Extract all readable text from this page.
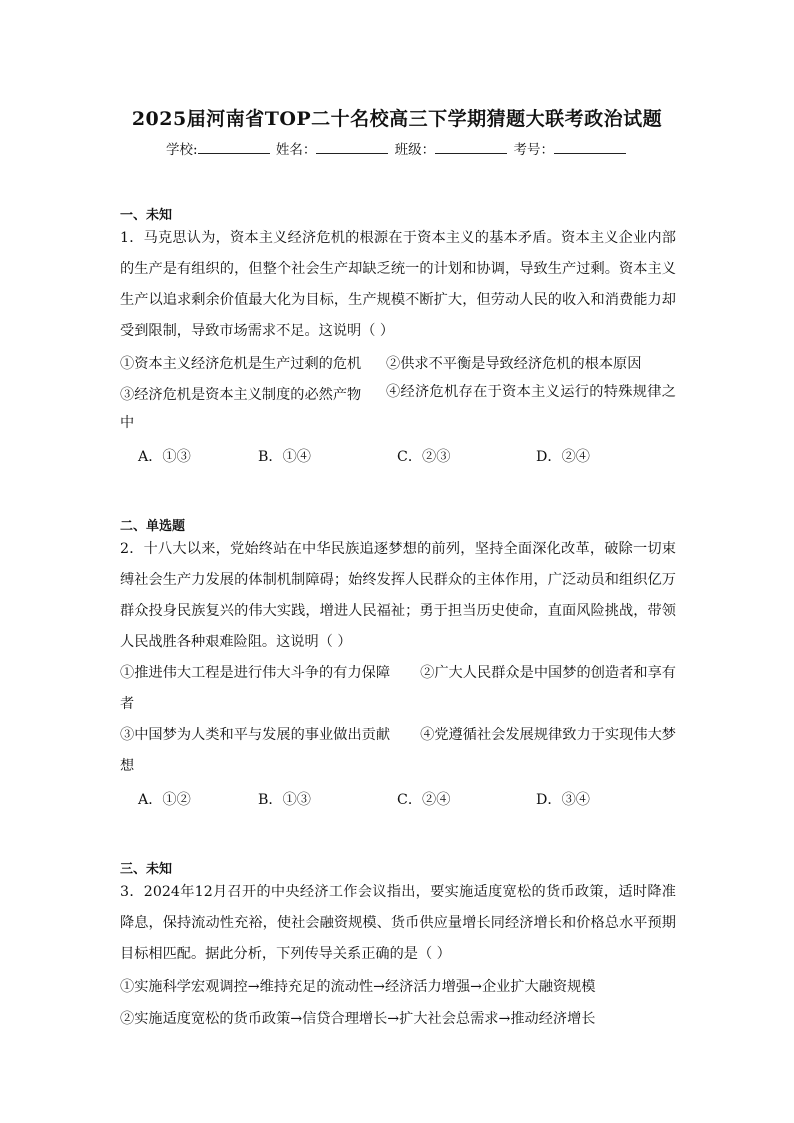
2025届河南省TOP二十名校高三下学期猜题大联考政治试题
学校:	姓名：	班级：	考号：
一、未知
1．马克思认为，资本主义经济危机的根源在于资本主义的基本矛盾。资本主义企业内部的生产是有组织的，但整个社会生产却缺乏统一的计划和协调，导致生产过剩。资本主义生产以追求剩余价值最大化为目标，生产规模不断扩大，但劳动人民的收入和消费能力却受到限制，导致市场需求不足。这说明（ ）
①资本主义经济危机是生产过剩的危机 ②供求不平衡是导致经济危机的根本原因
③经济危机是资本主义制度的必然产物	④经济危机存在于资本主义运行的特殊规律之中
A．①③	B．①④	C．②③	D．②④
二、单选题
2．十八大以来，党始终站在中华民族追逐梦想的前列，坚持全面深化改革，破除一切束缚社会生产力发展的体制机制障碍；始终发挥人民群众的主体作用，广泛动员和组织亿万群众投身民族复兴的伟大实践，增进人民福祉；勇于担当历史使命，直面风险挑战，带领人民战胜各种艰难险阻。这说明（ ）
①推进伟大工程是进行伟大斗争的有力保障 ②广大人民群众是中国梦的创造者和享有者
③中国梦为人类和平与发展的事业做出贡献 ④党遵循社会发展规律致力于实现伟大梦想
A．①②	B．①③	C．②④	D．③④
三、未知
3．2024年12月召开的中央经济工作会议指出，要实施适度宽松的货币政策，适时降准降息，保持流动性充裕，使社会融资规模、货币供应量增长同经济增长和价格总水平预期目标相匹配。据此分析，下列传导关系正确的是（ ）
①实施科学宏观调控→维持充足的流动性→经济活力增强→企业扩大融资规模
②实施适度宽松的货币政策→信贷合理增长→扩大社会总需求→推动经济增长
